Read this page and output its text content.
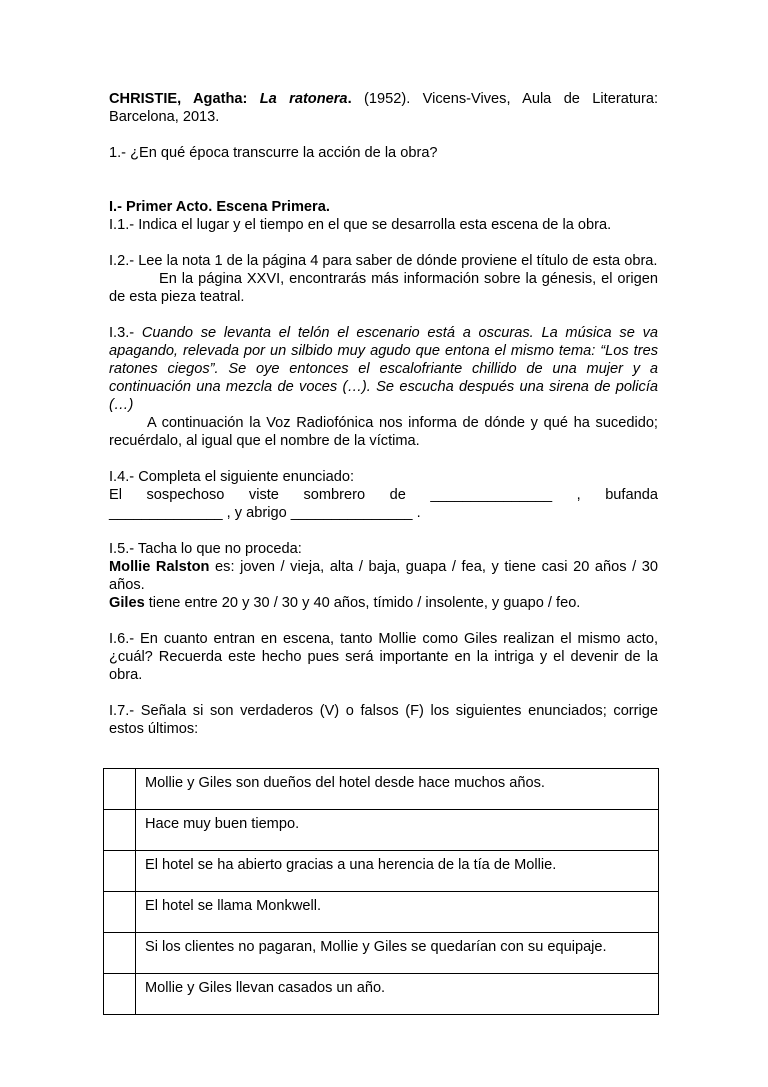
CHRISTIE, Agatha: La ratonera. (1952). Vicens-Vives, Aula de Literatura: Barcelona, 2013.

1.- ¿En qué época transcurre la acción de la obra?

I.- Primer Acto. Escena Primera.

I.1.- Indica el lugar y el tiempo en el que se desarrolla esta escena de la obra.

I.2.- Lee la nota 1 de la página 4 para saber de dónde proviene el título de esta obra.

En la página XXVI, encontrarás más información sobre la génesis, el origen de esta pieza teatral.

I.3.- Cuando se levanta el telón el escenario está a oscuras. La música se va apagando, relevada por un silbido muy agudo que entona el mismo tema: “Los tres ratones ciegos”. Se oye entonces el escalofriante chillido de una mujer y a continuación una mezcla de voces (…). Se escucha después una sirena de policía (…)

A continuación la Voz Radiofónica nos informa de dónde y qué ha sucedido; recuérdalo, al igual que el nombre de la víctima.

I.4.- Completa el siguiente enunciado:

El sospechoso viste sombrero de _______________ , bufanda

______________ , y abrigo _______________ .

I.5.- Tacha lo que no proceda:

Mollie Ralston es: joven / vieja, alta / baja, guapa / fea, y tiene casi 20 años / 30 años.

Giles tiene entre 20 y 30 / 30 y 40 años, tímido / insolente, y guapo / feo.

I.6.- En cuanto entran en escena, tanto Mollie como Giles realizan el mismo acto, ¿cuál? Recuerda este hecho pues será importante en la intriga y el devenir de la obra.

I.7.- Señala si son verdaderos (V) o falsos (F) los siguientes enunciados; corrige estos últimos:

	Mollie y Giles son dueños del hotel desde hace muchos años.
	Hace muy buen tiempo.
	El hotel se ha abierto gracias a una herencia de la tía de Mollie.
	El hotel se llama Monkwell.
	Si los clientes no pagaran, Mollie y Giles se quedarían con su equipaje.
	Mollie y Giles llevan casados un año.
